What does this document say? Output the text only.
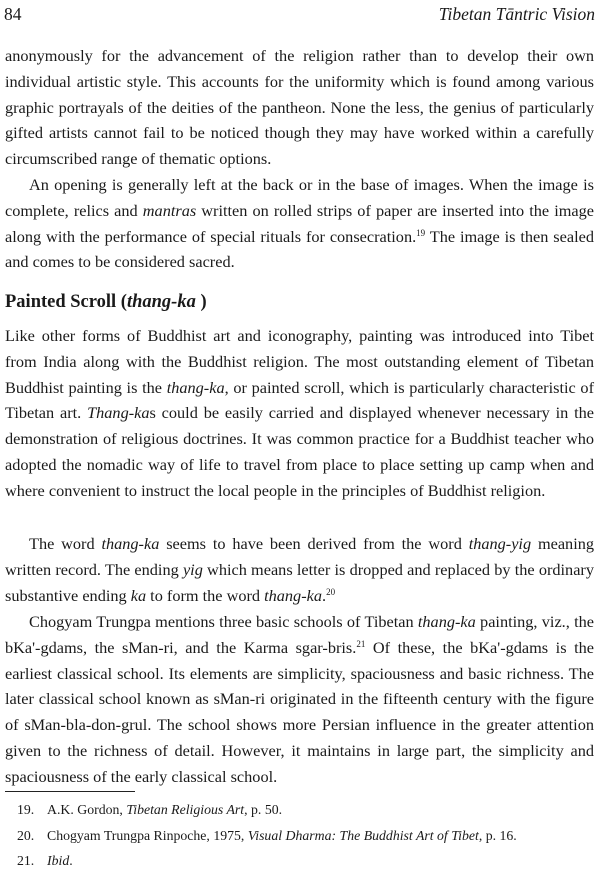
84	Tibetan Tāntric Vision

anonymously for the advancement of the religion rather than to develop their own individual artistic style. This accounts for the uniformity which is found among various graphic portrayals of the deities of the pantheon. None the less, the genius of particularly gifted artists cannot fail to be noticed though they may have worked within a carefully circumscribed range of thematic options.

An opening is generally left at the back or in the base of images. When the image is complete, relics and mantras written on rolled strips of paper are inserted into the image along with the performance of special rituals for consecration.$^{19}$ The image is then sealed and comes to be considered sacred.

Painted Scroll (thang-ka )

Like other forms of Buddhist art and iconography, painting was introduced into Tibet from India along with the Buddhist religion. The most outstanding element of Tibetan Buddhist painting is the thang-ka, or painted scroll, which is particularly characteristic of Tibetan art. Thang-kas could be easily carried and displayed whenever necessary in the demonstration of religious doctrines. It was common practice for a Buddhist teacher who adopted the nomadic way of life to travel from place to place setting up camp when and where convenient to instruct the local people in the principles of Buddhist religion.

The word thang-ka seems to have been derived from the word thang-yig meaning written record. The ending yig which means letter is dropped and replaced by the ordinary substantive ending ka to form the word thang-ka.$^{20}$

Chogyam Trungpa mentions three basic schools of Tibetan thang-ka painting, viz., the bKa'-gdams, the sMan-ri, and the Karma sgar-bris.$^{21}$ Of these, the bKa'-gdams is the earliest classical school. Its elements are simplicity, spaciousness and basic richness. The later classical school known as sMan-ri originated in the fifteenth century with the figure of sMan-bla-don-grul. The school shows more Persian influence in the greater attention given to the richness of detail. However, it maintains in large part, the simplicity and spaciousness of the early classical school.

19. A.K. Gordon, Tibetan Religious Art, p. 50.
20. Chogyam Trungpa Rinpoche, 1975, Visual Dharma: The Buddhist Art of Tibet, p. 16.
21. Ibid.
